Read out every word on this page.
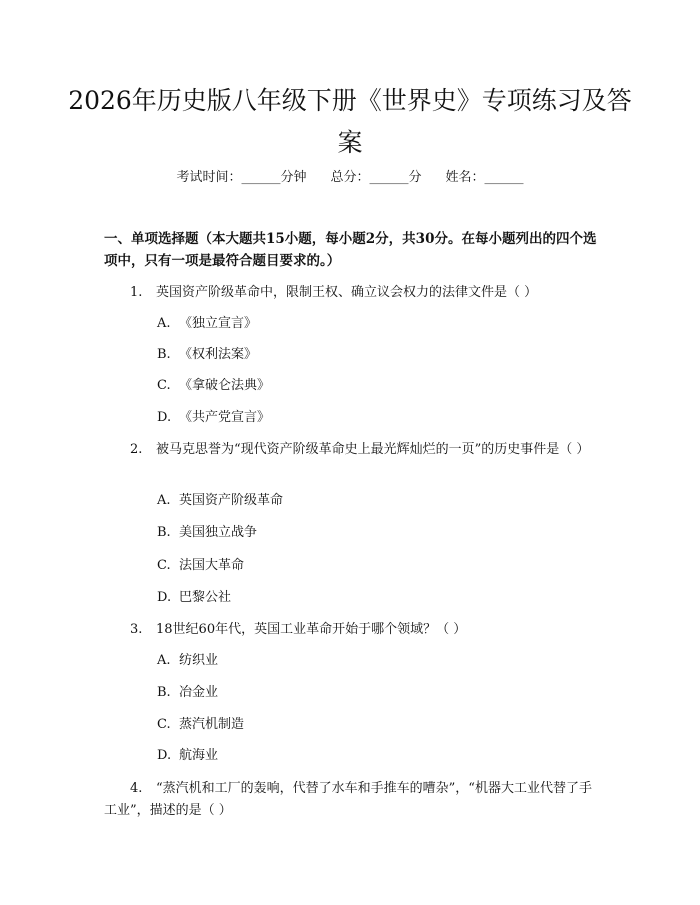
2026年历史版八年级下册《世界史》专项练习及答案
考试时间：______分钟 总分：______分 姓名：______
一、单项选择题（本大题共15小题，每小题2分，共30分。在每小题列出的四个选项中，只有一项是最符合题目要求的。）
1. 英国资产阶级革命中，限制王权、确立议会权力的法律文件是（ ）
A. 《独立宣言》
B. 《权利法案》
C. 《拿破仑法典》
D. 《共产党宣言》
2. 被马克思誉为“现代资产阶级革命史上最光辉灿烂的一页”的历史事件是（ ）
A. 英国资产阶级革命
B. 美国独立战争
C. 法国大革命
D. 巴黎公社
3. 18世纪60年代，英国工业革命开始于哪个领域？（ ）
A. 纺织业
B. 冶金业
C. 蒸汽机制造
D. 航海业
4. “蒸汽机和工厂的轰响，代替了水车和手推车的嘈杂”，“机器大工业代替了手工业”，描述的是（ ）
